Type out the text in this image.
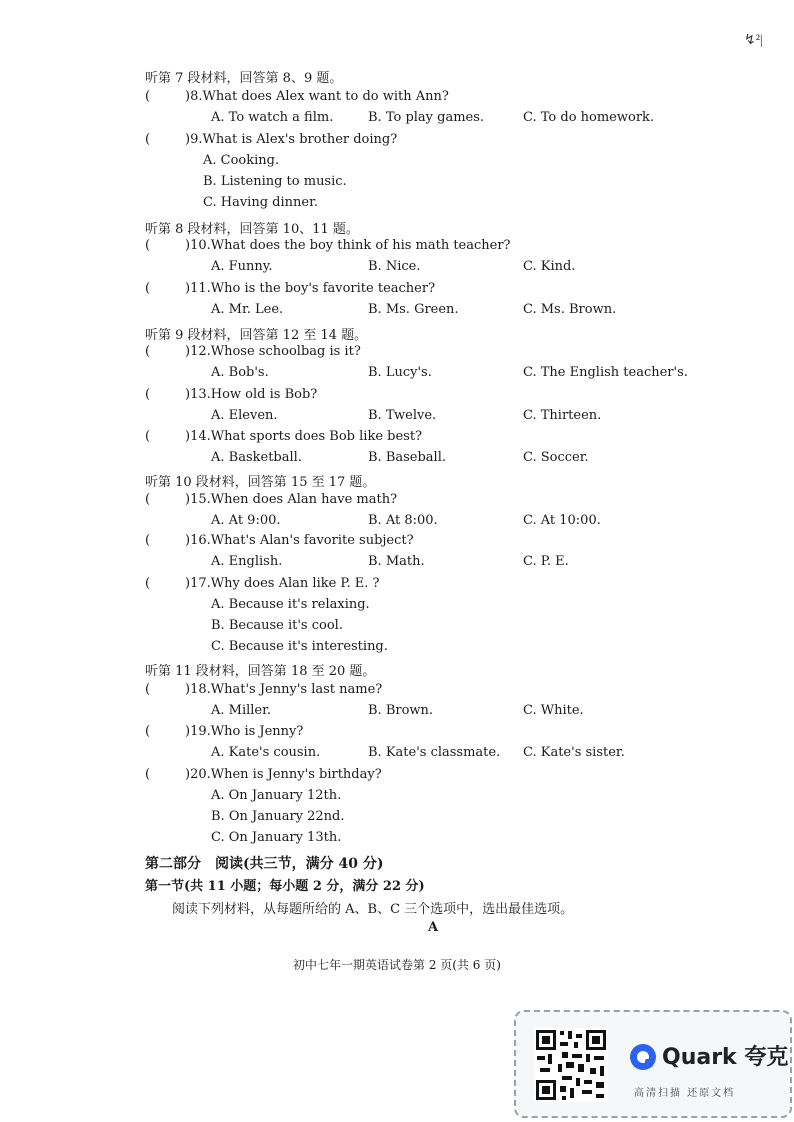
↯²|
听第 7 段材料，回答第 8、9 题。
听第 8 段材料，回答第 10、11 题。
听第 9 段材料，回答第 12 至 14 题。
听第 10 段材料，回答第 15 至 17 题。
听第 11 段材料，回答第 18 至 20 题。
(	)8.What does Alex want to do with Ann?
A. To watch a film.	B. To play games.	C. To do homework.
(	)9.What is Alex's brother doing?
A. Cooking.
B. Listening to music.
C. Having dinner.
(	)10.What does the boy think of his math teacher?
A. Funny.	B. Nice.	C. Kind.
(	)11.Who is the boy's favorite teacher?
A. Mr. Lee.	B. Ms. Green.	C. Ms. Brown.
(	)12.Whose schoolbag is it?
A. Bob's.	B. Lucy's.	C. The English teacher's.
(	)13.How old is Bob?
A. Eleven.	B. Twelve.	C. Thirteen.
(	)14.What sports does Bob like best?
A. Basketball.	B. Baseball.	C. Soccer.
(	)15.When does Alan have math?
A. At 9:00.	B. At 8:00.	C. At 10:00.
(	)16.What's Alan's favorite subject?
A. English.	B. Math.	C. P. E.
(	)17.Why does Alan like P. E. ?
A. Because it's relaxing.
B. Because it's cool.
C. Because it's interesting.
(	)18.What's Jenny's last name?
A. Miller.	B. Brown.	C. White.
(	)19.Who is Jenny?
A. Kate's cousin.	B. Kate's classmate. C. Kate's sister.
(	)20.When is Jenny's birthday?
A. On January 12th.
B. On January 22nd.
C. On January 13th.
第二部分　阅读(共三节，满分 40 分)
第一节(共 11 小题；每小题 2 分，满分 22 分)
阅读下列材料，从每题所给的 A、B、C 三个选项中，选出最佳选项。
A
初中七年一期英语试卷第 2 页(共 6 页)
Quark 夸克
高清扫描 还原文档
